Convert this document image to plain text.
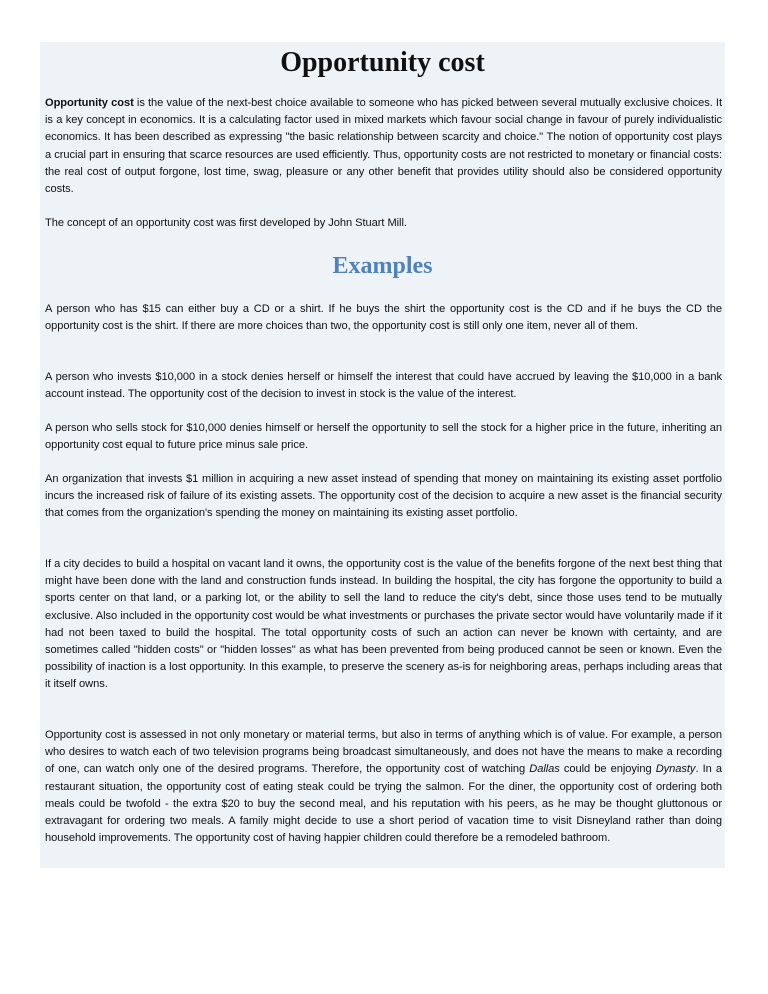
Opportunity cost

Opportunity cost is the value of the next-best choice available to someone who has picked between several mutually exclusive choices. It is a key concept in economics. It is a calculating factor used in mixed markets which favour social change in favour of purely individualistic economics. It has been described as expressing "the basic relationship between scarcity and choice." The notion of opportunity cost plays a crucial part in ensuring that scarce resources are used efficiently. Thus, opportunity costs are not restricted to monetary or financial costs: the real cost of output forgone, lost time, swag, pleasure or any other benefit that provides utility should also be considered opportunity costs.

The concept of an opportunity cost was first developed by John Stuart Mill.

Examples

A person who has $15 can either buy a CD or a shirt. If he buys the shirt the opportunity cost is the CD and if he buys the CD the opportunity cost is the shirt. If there are more choices than two, the opportunity cost is still only one item, never all of them.

A person who invests $10,000 in a stock denies herself or himself the interest that could have accrued by leaving the $10,000 in a bank account instead. The opportunity cost of the decision to invest in stock is the value of the interest.

A person who sells stock for $10,000 denies himself or herself the opportunity to sell the stock for a higher price in the future, inheriting an opportunity cost equal to future price minus sale price.

An organization that invests $1 million in acquiring a new asset instead of spending that money on maintaining its existing asset portfolio incurs the increased risk of failure of its existing assets. The opportunity cost of the decision to acquire a new asset is the financial security that comes from the organization's spending the money on maintaining its existing asset portfolio.

If a city decides to build a hospital on vacant land it owns, the opportunity cost is the value of the benefits forgone of the next best thing that might have been done with the land and construction funds instead. In building the hospital, the city has forgone the opportunity to build a sports center on that land, or a parking lot, or the ability to sell the land to reduce the city's debt, since those uses tend to be mutually exclusive. Also included in the opportunity cost would be what investments or purchases the private sector would have voluntarily made if it had not been taxed to build the hospital. The total opportunity costs of such an action can never be known with certainty, and are sometimes called "hidden costs" or "hidden losses" as what has been prevented from being produced cannot be seen or known. Even the possibility of inaction is a lost opportunity. In this example, to preserve the scenery as-is for neighboring areas, perhaps including areas that it itself owns.

Opportunity cost is assessed in not only monetary or material terms, but also in terms of anything which is of value. For example, a person who desires to watch each of two television programs being broadcast simultaneously, and does not have the means to make a recording of one, can watch only one of the desired programs. Therefore, the opportunity cost of watching Dallas could be enjoying Dynasty. In a restaurant situation, the opportunity cost of eating steak could be trying the salmon. For the diner, the opportunity cost of ordering both meals could be twofold - the extra $20 to buy the second meal, and his reputation with his peers, as he may be thought gluttonous or extravagant for ordering two meals. A family might decide to use a short period of vacation time to visit Disneyland rather than doing household improvements. The opportunity cost of having happier children could therefore be a remodeled bathroom.
